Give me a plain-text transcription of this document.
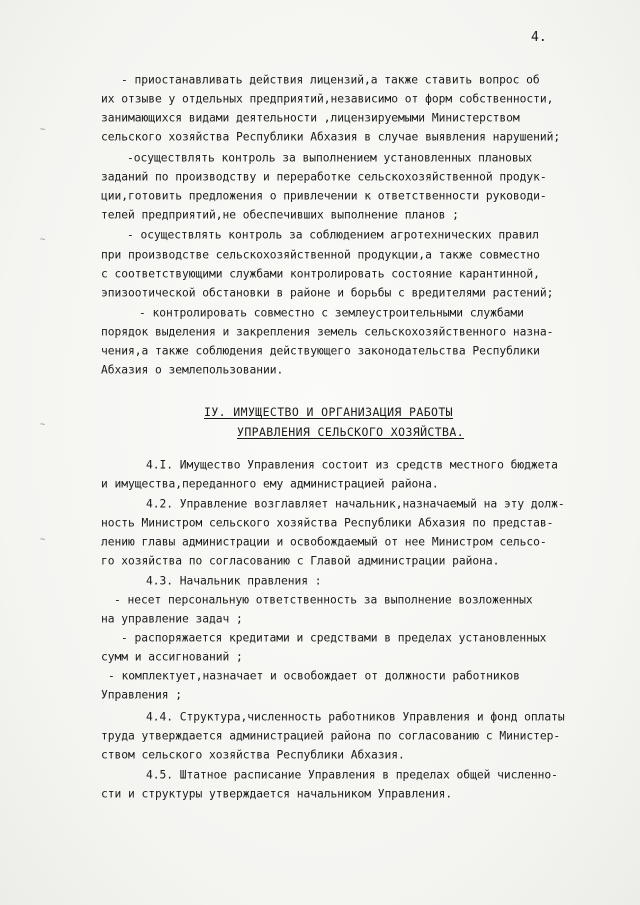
4.
~
~
~
~
- приостанавливать действия лицензий,а также ставить вопрос об
их отзыве у отдельных предприятий,независимо от форм собственности,
занимающихся видами деятельности ,лицензируемыми Министерством
сельского хозяйства Республики Абхазия в случае выявления нарушений;
-осуществлять контроль за выполнением установленных плановых
заданий по производству и переработке сельскохозяйственной продук-
ции,готовить предложения о привлечении к ответственности руководи-
телей предприятий,не обеспечивших выполнение планов ;
- осуществлять контроль за соблюдением агротехнических правил
при производстве сельскохозяйственной продукции,а также совместно
с соответствующими службами контролировать состояние карантинной,
эпизоотической обстановки в районе и борьбы с вредителями растений;
- контролировать совместно с землеустроительными службами
порядок выделения и закрепления земель сельскохозяйственного назна-
чения,а также соблюдения действующего законодательства Республики
Абхазия о землепользовании.
IУ. ИМУЩЕСТВО И ОРГАНИЗАЦИЯ РАБОТЫ
УПРАВЛЕНИЯ СЕЛЬСКОГО ХОЗЯЙСТВА.
4.I. Имущество Управления состоит из средств местного бюджета
и имущества,переданного ему администрацией района.
4.2. Управление возглавляет начальник,назначаемый на эту долж-
ность Министром сельского хозяйства Республики Абхазия по представ-
лению главы администрации и освобождаемый от нее Министром сельсо-
го хозяйства по согласованию с Главой администрации района.
4.3. Начальник правления :
- несет персональную ответственность за выполнение возложенных
на управление задач ;
- распоряжается кредитами и средствами в пределах установленных
сумм и ассигнований ;
- комплектует,назначает и освобождает от должности работников
Управления ;
4.4. Структура,численность работников Управления и фонд оплаты
труда утверждается администрацией района по согласованию с Министер-
ством сельского хозяйства Республики Абхазия.
4.5. Штатное расписание Управления в пределах общей численно-
сти и структуры утверждается начальником Управления.
